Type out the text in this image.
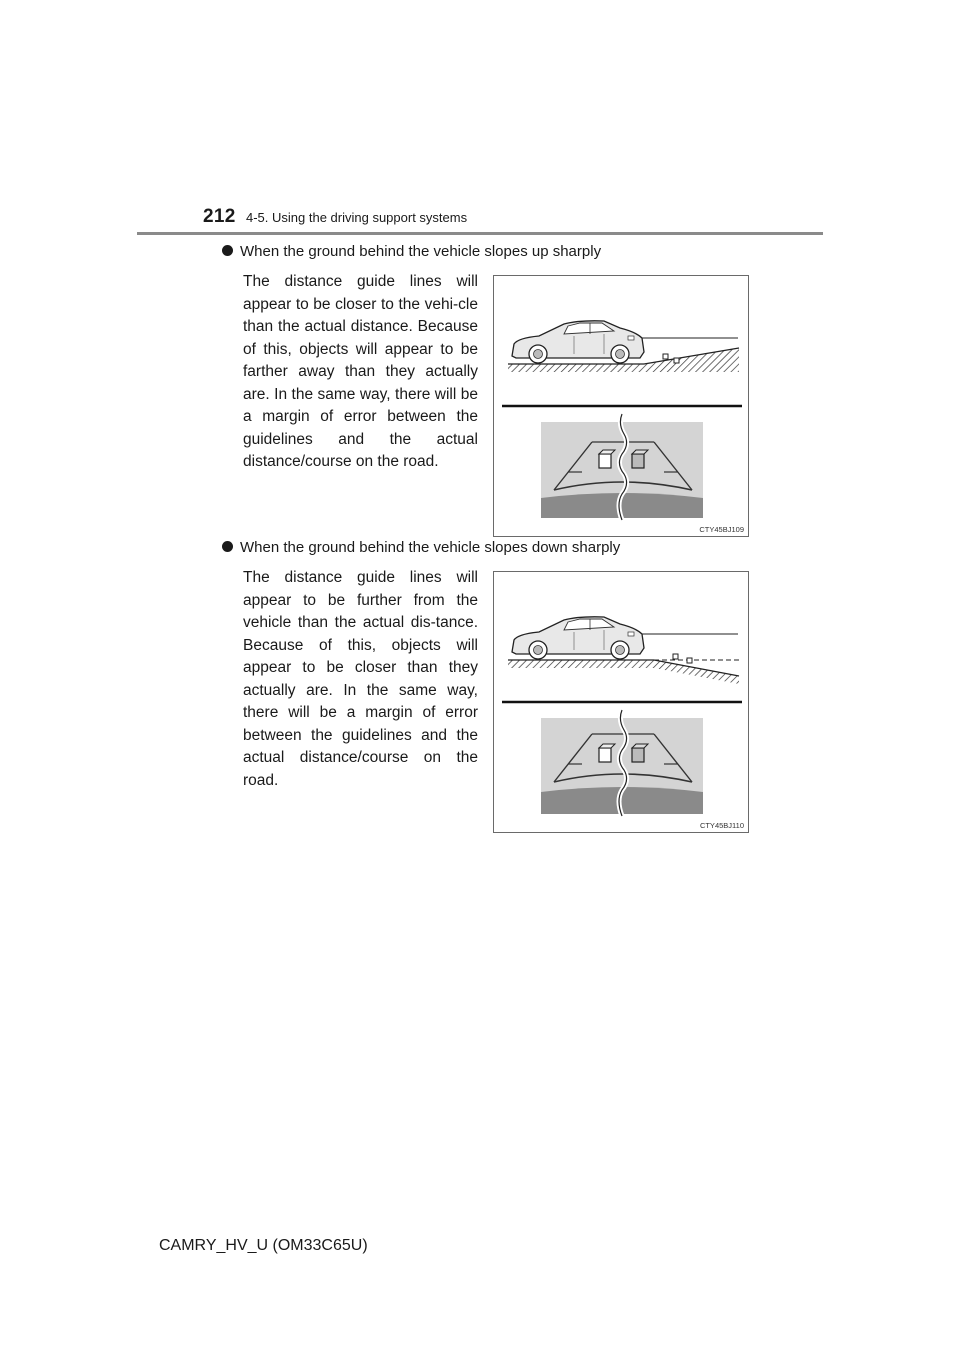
212 4-5. Using the driving support systems
When the ground behind the vehicle slopes up sharply
The distance guide lines will appear to be closer to the vehi-cle than the actual distance. Because of this, objects will appear to be farther away than they actually are. In the same way, there will be a margin of error between the guidelines and the actual distance/course on the road.
CTY45BJ109
When the ground behind the vehicle slopes down sharply
The distance guide lines will appear to be further from the vehicle than the actual dis-tance. Because of this, objects will appear to be closer than they actually are. In the same way, there will be a margin of error between the guidelines and the actual distance/course on the road.
CTY45BJ110
CAMRY_HV_U (OM33C65U)
